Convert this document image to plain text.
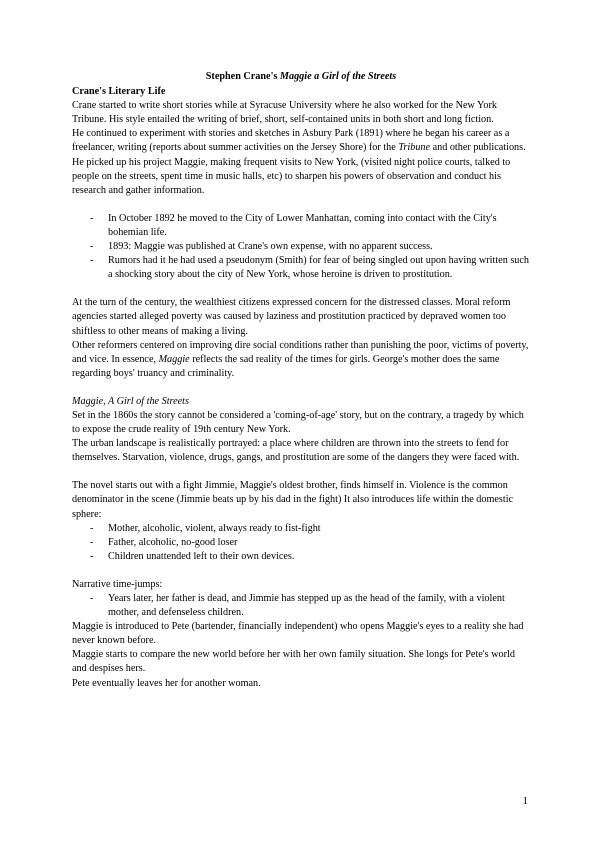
Stephen Crane's Maggie a Girl of the Streets

Crane's Literary Life

Crane started to write short stories while at Syracuse University where he also worked for the New York Tribune. His style entailed the writing of brief, short, self-contained units in both short and long fiction.

He continued to experiment with stories and sketches in Asbury Park (1891) where he began his career as a freelancer, writing (reports about summer activities on the Jersey Shore) for the Tribune and other publications.

He picked up his project Maggie, making frequent visits to New York, (visited night police courts, talked to people on the streets, spent time in music halls, etc) to sharpen his powers of observation and conduct his research and gather information.

- In October 1892 he moved to the City of Lower Manhattan, coming into contact with the City's bohemian life.
- 1893: Maggie was published at Crane's own expense, with no apparent success.
- Rumors had it he had used a pseudonym (Smith) for fear of being singled out upon having written such a shocking story about the city of New York, whose heroine is driven to prostitution.

At the turn of the century, the wealthiest citizens expressed concern for the distressed classes. Moral reform agencies started alleged poverty was caused by laziness and prostitution practiced by depraved women too shiftless to other means of making a living.

Other reformers centered on improving dire social conditions rather than punishing the poor, victims of poverty, and vice. In essence, Maggie reflects the sad reality of the times for girls. George's mother does the same regarding boys' truancy and criminality.

Maggie, A Girl of the Streets

Set in the 1860s the story cannot be considered a 'coming-of-age' story, but on the contrary, a tragedy by which to expose the crude reality of 19th century New York.

The urban landscape is realistically portrayed: a place where children are thrown into the streets to fend for themselves. Starvation, violence, drugs, gangs, and prostitution are some of the dangers they were faced with.

The novel starts out with a fight Jimmie, Maggie's oldest brother, finds himself in. Violence is the common denominator in the scene (Jimmie beats up by his dad in the fight) It also introduces life within the domestic sphere:

- Mother, alcoholic, violent, always ready to fist-fight
- Father, alcoholic, no-good loser
- Children unattended left to their own devices.

Narrative time-jumps:

- Years later, her father is dead, and Jimmie has stepped up as the head of the family, with a violent mother, and defenseless children.

Maggie is introduced to Pete (bartender, financially independent) who opens Maggie's eyes to a reality she had never known before.

Maggie starts to compare the new world before her with her own family situation. She longs for Pete's world and despises hers.

Pete eventually leaves her for another woman.

1
